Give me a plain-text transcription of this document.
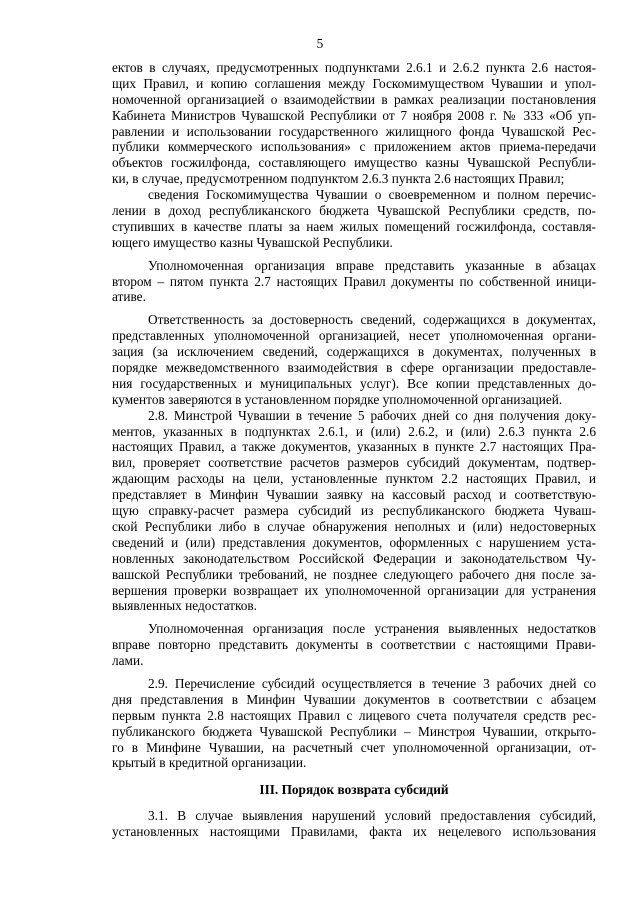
5
ектов в случаях, предусмотренных подпунктами 2.6.1 и 2.6.2 пункта 2.6 настоя-
щих Правил, и копию соглашения между Госкомимуществом Чувашии и упол-
номоченной организацией о взаимодействии в рамках реализации постановления
Кабинета Министров Чувашской Республики от 7 ноября 2008 г. № 333 «Об уп-
равлении и использовании государственного жилищного фонда Чувашской Рес-
публики коммерческого использования» с приложением актов приема-передачи
объектов госжилфонда, составляющего имущество казны Чувашской Республи-
ки, в случае, предусмотренном подпунктом 2.6.3 пункта 2.6 настоящих Правил;
сведения Госкомимущества Чувашии о своевременном и полном перечис-
лении в доход республиканского бюджета Чувашской Республики средств, по-
ступивших в качестве платы за наем жилых помещений госжилфонда, составля-
ющего имущество казны Чувашской Республики.
Уполномоченная организация вправе представить указанные в абзацах
втором – пятом пункта 2.7 настоящих Правил документы по собственной иници-
ативе.
Ответственность за достоверность сведений, содержащихся в документах,
представленных уполномоченной организацией, несет уполномоченная органи-
зация (за исключением сведений, содержащихся в документах, полученных в
порядке межведомственного взаимодействия в сфере организации предоставле-
ния государственных и муниципальных услуг). Все копии представленных до-
кументов заверяются в установленном порядке уполномоченной организацией.
2.8. Минстрой Чувашии в течение 5 рабочих дней со дня получения доку-
ментов, указанных в подпунктах 2.6.1, и (или) 2.6.2, и (или) 2.6.3 пункта 2.6
настоящих Правил, а также документов, указанных в пункте 2.7 настоящих Пра-
вил, проверяет соответствие расчетов размеров субсидий документам, подтвер-
ждающим расходы на цели, установленные пунктом 2.2 настоящих Правил, и
представляет в Минфин Чувашии заявку на кассовый расход и соответствую-
щую справку-расчет размера субсидий из республиканского бюджета Чуваш-
ской Республики либо в случае обнаружения неполных и (или) недостоверных
сведений и (или) представления документов, оформленных с нарушением уста-
новленных законодательством Российской Федерации и законодательством Чу-
вашской Республики требований, не позднее следующего рабочего дня после за-
вершения проверки возвращает их уполномоченной организации для устранения
выявленных недостатков.
Уполномоченная организация после устранения выявленных недостатков
вправе повторно представить документы в соответствии с настоящими Прави-
лами.
2.9. Перечисление субсидий осуществляется в течение 3 рабочих дней со
дня представления в Минфин Чувашии документов в соответствии с абзацем
первым пункта 2.8 настоящих Правил с лицевого счета получателя средств рес-
публиканского бюджета Чувашской Республики – Минстроя Чувашии, открыто-
го в Минфине Чувашии, на расчетный счет уполномоченной организации, от-
крытый в кредитной организации.
III. Порядок возврата субсидий
3.1. В случае выявления нарушений условий предоставления субсидий,
установленных настоящими Правилами, факта их нецелевого использования
